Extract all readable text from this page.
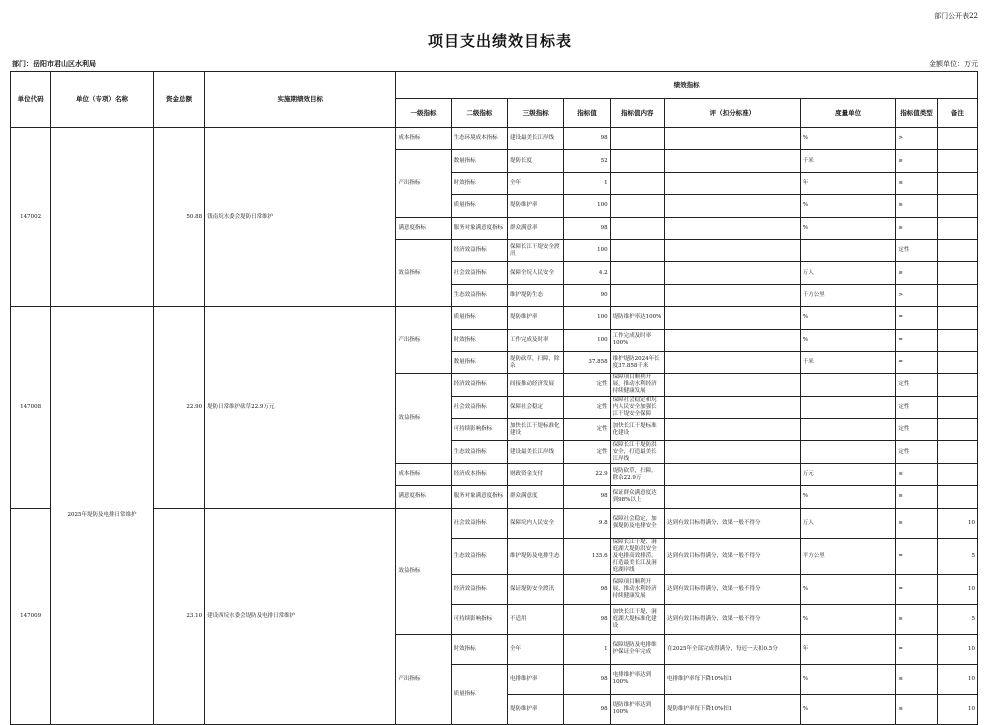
部门公开表22
项目支出绩效目标表
部门：岳阳市君山区水利局	金额单位：万元
单位代码	单位（专项）名称	资金总额	实施期绩效目标	绩效指标								
				一级指标	二级指标	三级指标	指标值	指标值内容	评（扣分标准）	度量单位	指标值类型	备注
147002		50.88	钱南垸水委会堤防日常维护	成本指标	生态环境成本指标	建设最美长江岸线	98			%	>	
				产出指标	数量指标	堤防长度	52			千米	≥	
					时效指标	全年	1			年	≤	
					质量指标	堤防维护率	100			%	≥	
				满意度指标	服务对象满意度指标	群众满意率	98			%	≥	
				效益指标	经济效益指标	保障长江干堤安全渡汛	100				定性	
					社会效益指标	保障全垸人民安全	4.2			万人	≥	
					生态效益指标	维护堤防生态	90			千方公里	>	
147008	2025年堤防及电排日常维护	22.90	堤防日常维护砍草22.9万元	产出指标	质量指标	堤防维护率	100	堤防维护率达100%		%	=	
					时效指标	工作完成及时率	100	工作完成及时率100%		%	=	
					数量指标	堤防砍草，扫障，除杂	37.858	维护堤防2024年长度37.858千米		千米	=	
				效益指标	经济效益指标	间接推动经济发展	定性	保障项目顺利开展，推动水利经济持续健康发展			定性	
					社会效益指标	保障社会稳定	定性	保障社会稳定和垸内人民安全加强长江干堤安全保障			定性	
					可持续影响指标	加快长江干堤标准化建设	定性	加快长江干堤标准化建设			定性	
					生态效益指标	建设最美长江岸线	定性	保障长江干堤防洪安全，打造最美长江岸线			定性	
				成本指标	经济成本指标	财政资金支付	22.9	堤防砍草，扫障，除杂22.9万		万元	≤	
				满意度指标	服务对象满意度指标	群众满意度	98	保证群众满意度达到98%以上		%	≥	
147009		23.10	建设西垸水委会堤防及电排日常维护	效益指标	社会效益指标	保障垸内人民安全	9.8	保障社会稳定，加强堤防及电排安全	达到有效目标得满分，效果一般不得分	万人	≥	10
					生态效益指标	维护堤防及电排生态	135.6	保障长江干堤、洞庭湖大堤防洪安全及电排高效排涝，打造最美长江及洞庭湖岸线	达到有效目标得满分，效果一般不得分	平方公里	=	5
					经济效益指标	保证堤防安全渡汛	98	保障项目顺利开展，推动水利经济持续健康发展	达到有效目标得满分，效果一般不得分	%	=	10
					可持续影响指标	不适用	98	加快长江干堤、洞庭湖大堤标准化建设	达到有效目标得满分，效果一般不得分	%	≥	5
				产出指标	时效指标	全年	1	保障堤防及电排维护保证全年完成	在2025年全部完成得满分，每迟一天扣0.5分	年	=	10
					质量指标	电排维护率	98	电排维护率达到100%	电排维护率每下降10%扣1	%	≤	10
						堤防维护率	98	堤防维护率达到100%	堤防维护率每下降10%扣1	%	≤	10
